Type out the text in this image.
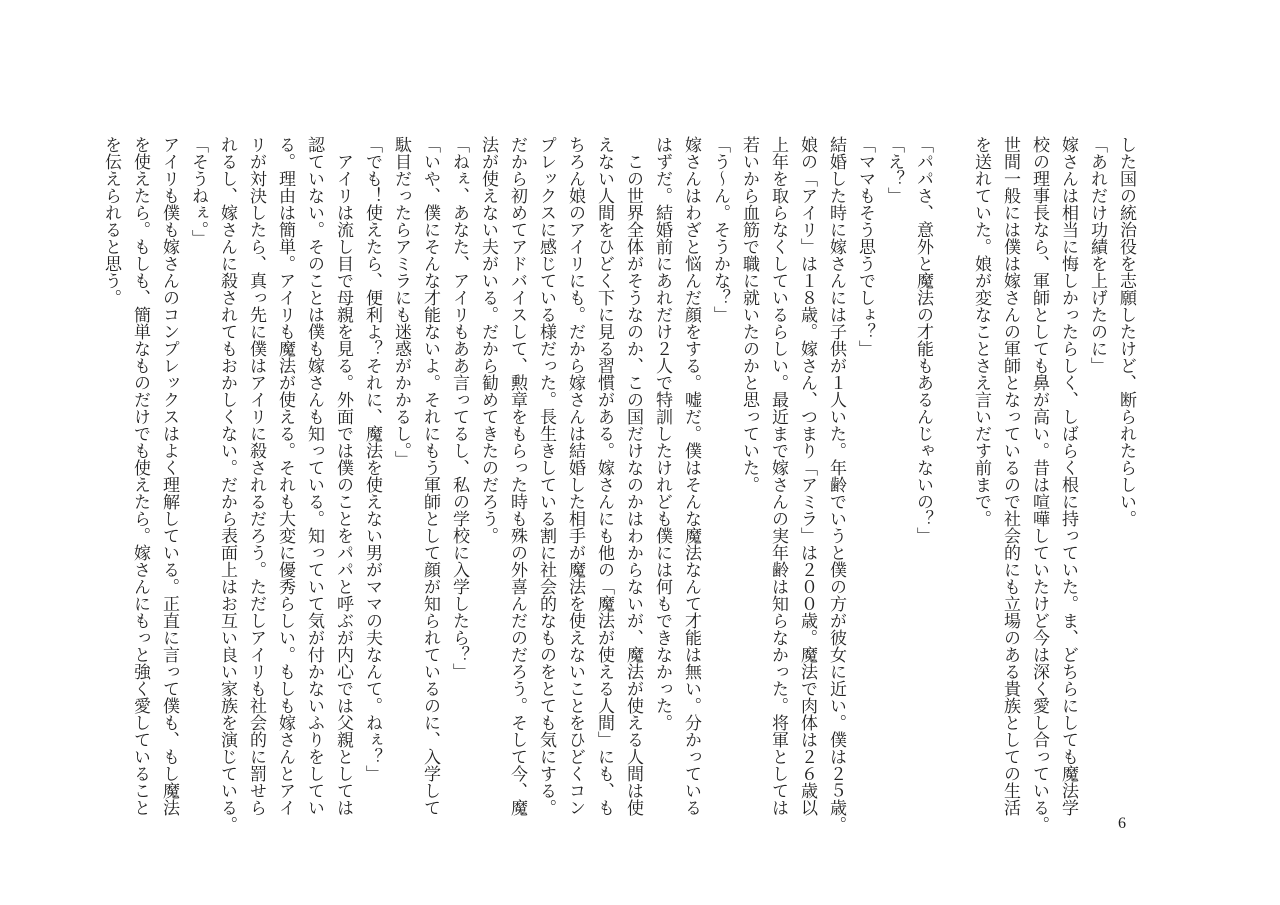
した国の統治役を志願したけど、断られたらしい。
「あれだけ功績を上げたのに」
嫁さんは相当に悔しかったらしく、しばらく根に持っていた。ま、どちらにしても魔法学
校の理事長なら、軍師としても鼻が高い。昔は喧嘩していたけど今は深く愛し合っている。
世間一般には僕は嫁さんの軍師となっているので社会的にも立場のある貴族としての生活
を送れていた。娘が変なことさえ言いだす前まで。

「パパさ、意外と魔法の才能もあるんじゃないの？」
「え？」
「ママもそう思うでしょ？」
結婚した時に嫁さんには子供が１人いた。年齢でいうと僕の方が彼女に近い。僕は２５歳。
娘の「アイリ」は１８歳。嫁さん、つまり「アミラ」は２００歳。魔法で肉体は２６歳以
上年を取らなくしているらしい。最近まで嫁さんの実年齢は知らなかった。将軍としては
若いから血筋で職に就いたのかと思っていた。
「う～ん。そうかな？」
嫁さんはわざと悩んだ顔をする。嘘だ。僕はそんな魔法なんて才能は無い。分かっている
はずだ。結婚前にあれだけ２人で特訓したけれども僕には何もできなかった。
　この世界全体がそうなのか、この国だけなのかはわからないが、魔法が使える人間は使
えない人間をひどく下に見る習慣がある。嫁さんにも他の「魔法が使える人間」にも、も
ちろん娘のアイリにも。だから嫁さんは結婚した相手が魔法を使えないことをひどくコン
プレックスに感じている様だった。長生きしている割に社会的なものをとても気にする。
だから初めてアドバイスして、勲章をもらった時も殊の外喜んだのだろう。そして今、魔
法が使えない夫がいる。だから勧めてきたのだろう。
「ねぇ、あなた、アイリもああ言ってるし、私の学校に入学したら？」
「いや、僕にそんな才能ないよ。それにもう軍師として顔が知られているのに、入学して
駄目だったらアミラにも迷惑がかかるし。」
「でも！使えたら、便利よ？それに、魔法を使えない男がママの夫なんて。ねぇ？」
　アイリは流し目で母親を見る。外面では僕のことをパパと呼ぶが内心では父親としては
認ていない。そのことは僕も嫁さんも知っている。知っていて気が付かないふりをしてい
る。理由は簡単。アイリも魔法が使える。それも大変に優秀らしい。もしも嫁さんとアイ
リが対決したら、真っ先に僕はアイリに殺されるだろう。ただしアイリも社会的に罰せら
れるし、嫁さんに殺されてもおかしくない。だから表面上はお互い良い家族を演じている。
「そうねぇ。」
アイリも僕も嫁さんのコンプレックスはよく理解している。正直に言って僕も、もし魔法
を使えたら。もしも、簡単なものだけでも使えたら。嫁さんにもっと強く愛していること
を伝えられると思う。
6
